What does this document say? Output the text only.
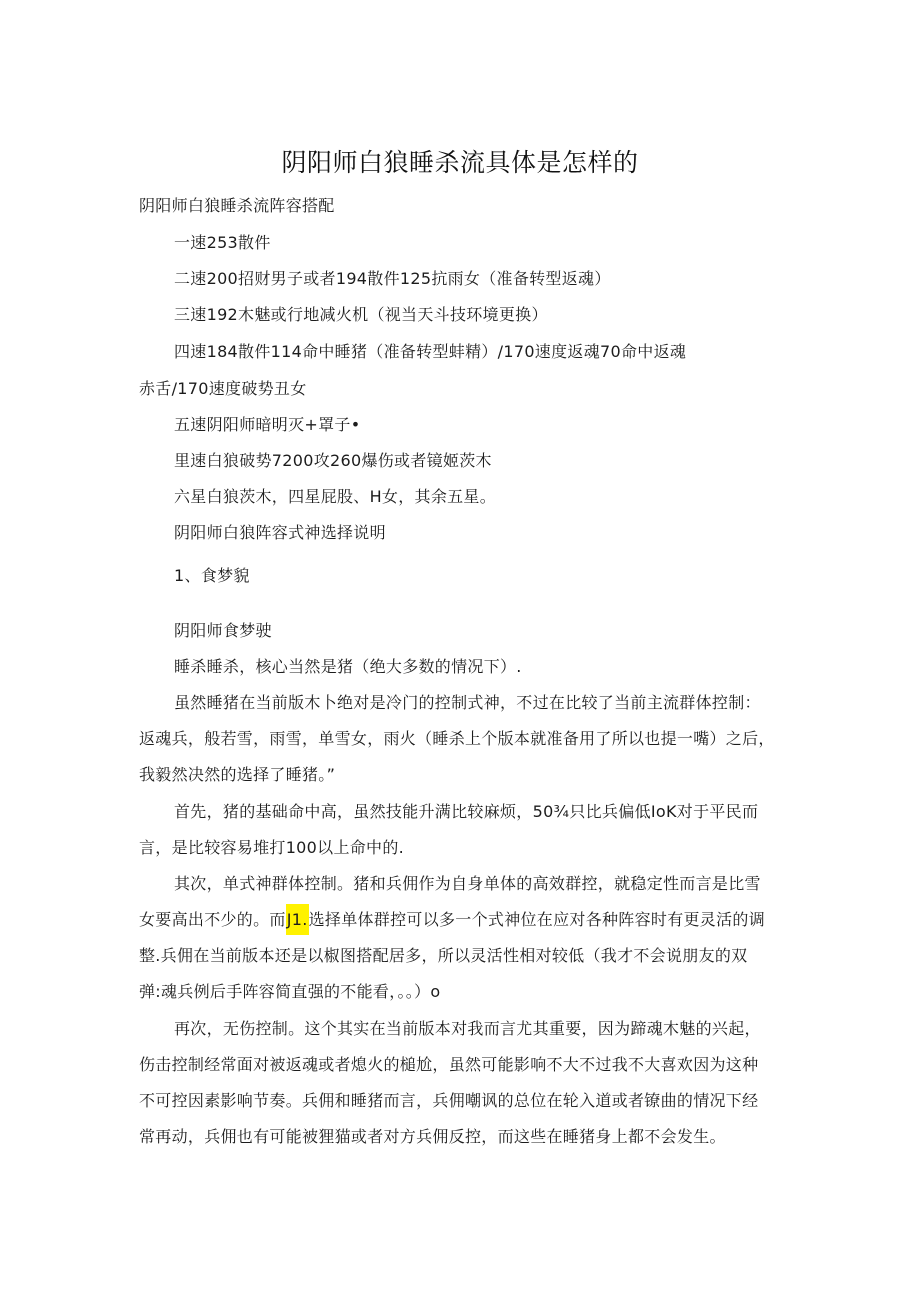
阴阳师白狼睡杀流具体是怎样的
阴阳师白狼睡杀流阵容搭配
一速253散件
二速200招财男子或者194散件125抗雨女（准备转型返魂）
三速192木魅或行地减火机（视当天斗技环境更换）
四速184散件114命中睡猪（准备转型蚌精）/170速度返魂70命中返魂
赤舌/170速度破势丑女
五速阴阳师暗明灭+罩子•
里速白狼破势7200攻260爆伤或者镜姬茨木
六星白狼茨木，四星屁股、H女，其余五星。
阴阳师白狼阵容式神选择说明
1、食梦貌
阴阳师食梦驶
睡杀睡杀，核心当然是猪（绝大多数的情况下）.
虽然睡猪在当前版木卜绝对是冷门的控制式神，不过在比较了当前主流群体控制：
返魂兵，般若雪，雨雪，单雪女，雨火（睡杀上个版本就准备用了所以也提一嘴）之后，
我毅然决然的选择了睡猪。”
首先，猪的基础命中高，虽然技能升满比较麻烦，50¾只比兵偏低IoK对于平民而
言，是比较容易堆打100以上命中的.
其次，单式神群体控制。猪和兵佣作为自身单体的高效群控，就稳定性而言是比雪
女要高出不少的。而J1.选择单体群控可以多一个式神位在应对各种阵容时有更灵活的调
整.兵佣在当前版本还是以椒图搭配居多，所以灵活性相对较低（我才不会说朋友的双
弹:魂兵例后手阵容简直强的不能看，。。）o
再次，无伤控制。这个其实在当前版本对我而言尤其重要，因为蹄魂木魅的兴起，
伤击控制经常面对被返魂或者熄火的槌尬，虽然可能影响不大不过我不大喜欢因为这种
不可控因素影响节奏。兵佣和睡猪而言，兵佣嘲讽的总位在轮入道或者镣曲的情况下经
常再动，兵佣也有可能被狸猫或者对方兵佣反控，而这些在睡猪身上都不会发生。
